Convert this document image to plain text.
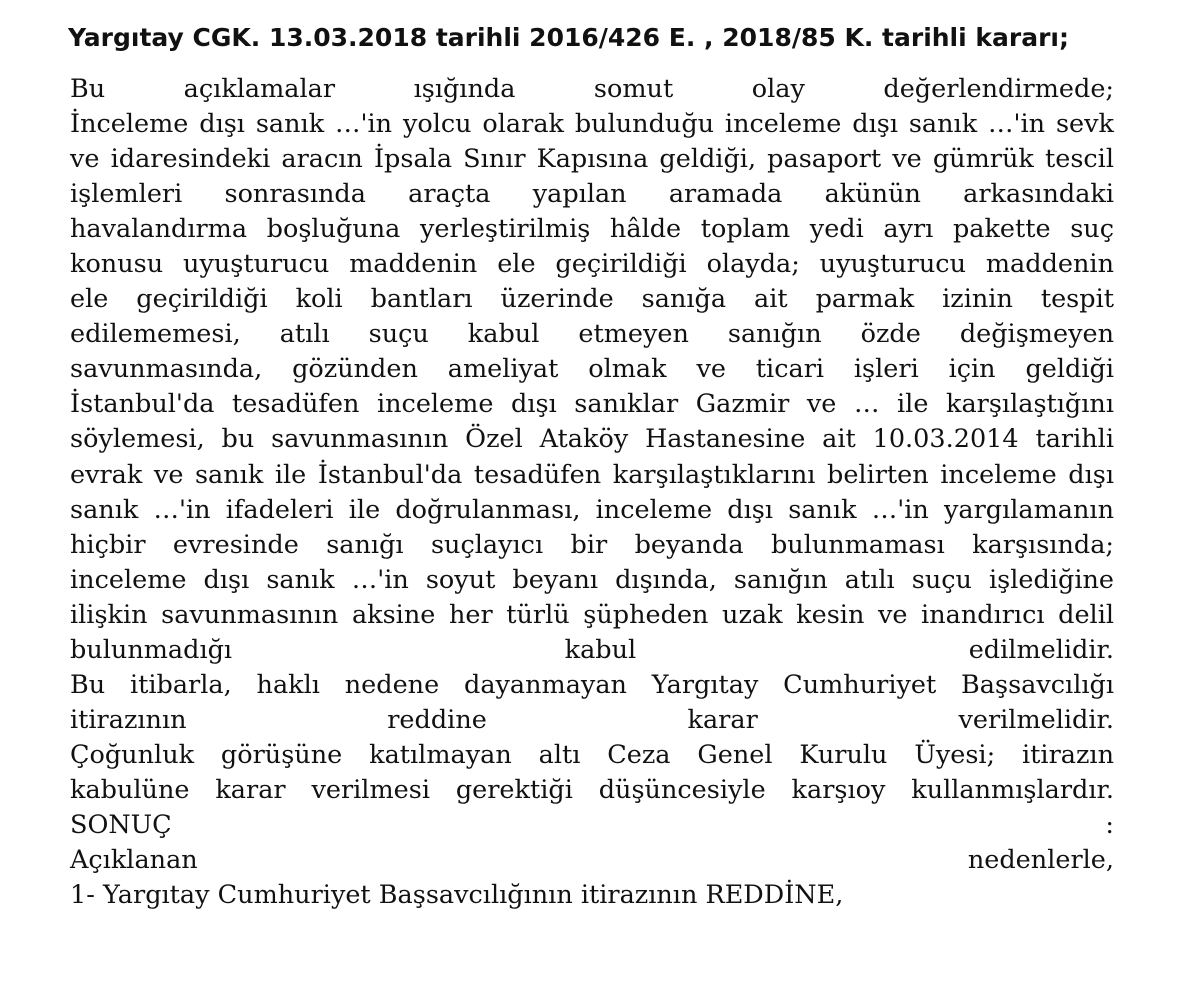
Yargıtay CGK. 13.03.2018 tarihli 2016/426 E. , 2018/85 K. tarihli kararı;
Bu açıklamalar ışığında somut olay değerlendirmede;
İnceleme dışı sanık …'in yolcu olarak bulunduğu inceleme dışı sanık …'in sevk
ve idaresindeki aracın İpsala Sınır Kapısına geldiği, pasaport ve gümrük tescil
işlemleri sonrasında araçta yapılan aramada akünün arkasındaki
havalandırma boşluğuna yerleştirilmiş hâlde toplam yedi ayrı pakette suç
konusu uyuşturucu maddenin ele geçirildiği olayda; uyuşturucu maddenin
ele geçirildiği koli bantları üzerinde sanığa ait parmak izinin tespit
edilememesi, atılı suçu kabul etmeyen sanığın özde değişmeyen
savunmasında, gözünden ameliyat olmak ve ticari işleri için geldiği
İstanbul'da tesadüfen inceleme dışı sanıklar Gazmir ve … ile karşılaştığını
söylemesi, bu savunmasının Özel Ataköy Hastanesine ait 10.03.2014 tarihli
evrak ve sanık ile İstanbul'da tesadüfen karşılaştıklarını belirten inceleme dışı
sanık …'in ifadeleri ile doğrulanması, inceleme dışı sanık …'in yargılamanın
hiçbir evresinde sanığı suçlayıcı bir beyanda bulunmaması karşısında;
inceleme dışı sanık …'in soyut beyanı dışında, sanığın atılı suçu işlediğine
ilişkin savunmasının aksine her türlü şüpheden uzak kesin ve inandırıcı delil
bulunmadığı kabul edilmelidir.
Bu itibarla, haklı nedene dayanmayan Yargıtay Cumhuriyet Başsavcılığı
itirazının reddine karar verilmelidir.
Çoğunluk görüşüne katılmayan altı Ceza Genel Kurulu Üyesi; itirazın
kabulüne karar verilmesi gerektiği düşüncesiyle karşıoy kullanmışlardır.
SONUÇ :
Açıklanan nedenlerle,
1- Yargıtay Cumhuriyet Başsavcılığının itirazının REDDİNE,
